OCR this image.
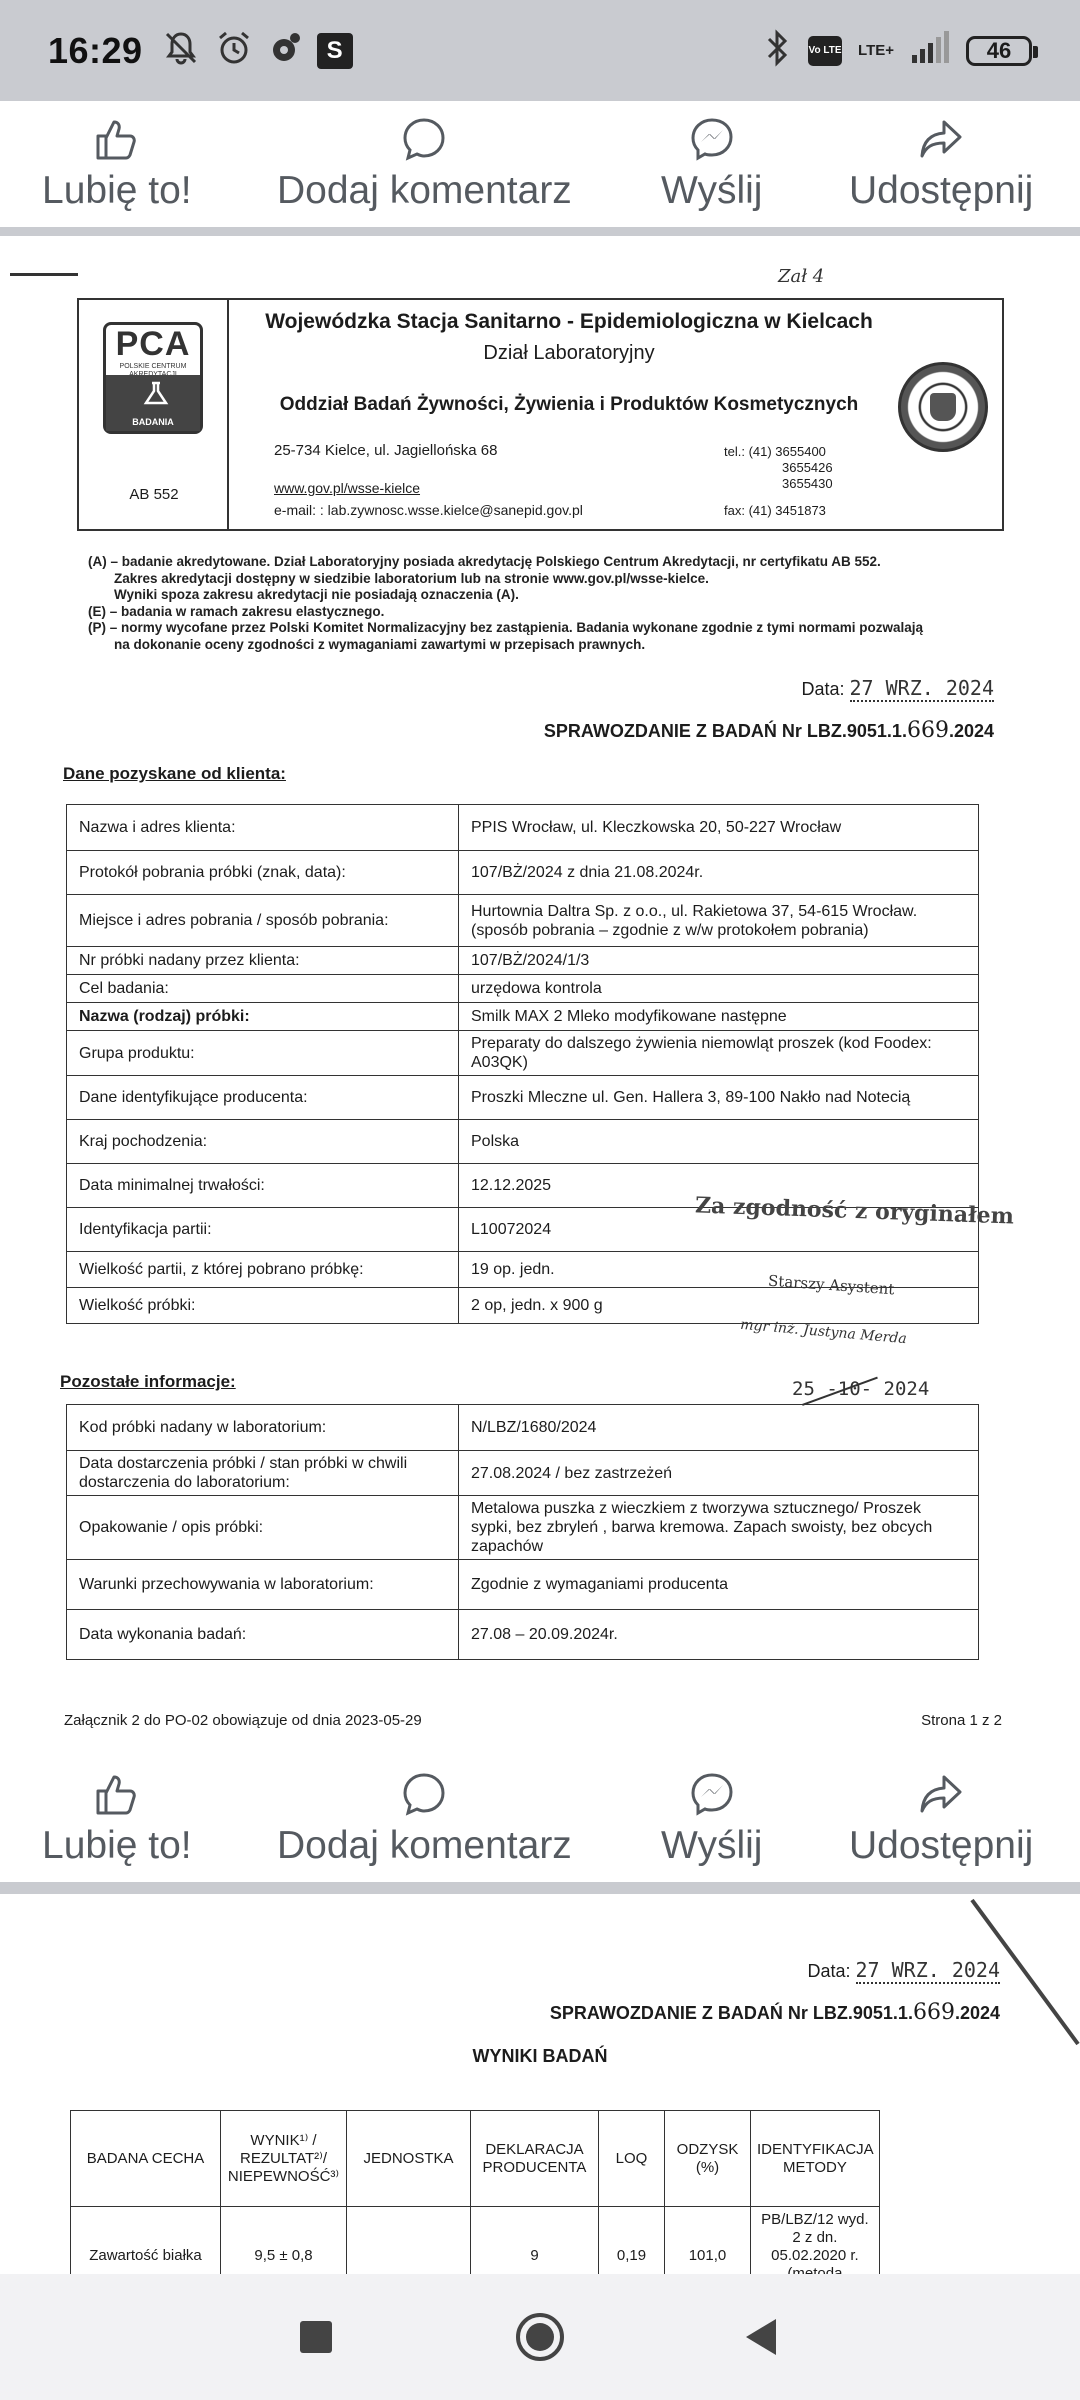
16:29	S	Vo LTE LTE+	46
Lubię to! Dodaj komentarz Wyślij Udostępnij
Zał 4
PCA
POLSKIE CENTRUM
BADANIA
AB 552
Wojewódzka Stacja Sanitarno - Epidemiologiczna w Kielcach
Dział Laboratoryjny
Oddział Badań Żywności, Żywienia i Produktów Kosmetycznych
25-734 Kielce, ul. Jagiellońska 68
www.gov.pl/wsse-kielce
e-mail: : lab.zywnosc.wsse.kielce@sanepid.gov.pl
tel.: (41) 3655400
3655426
3655430
fax: (41) 3451873
(A) – badanie akredytowane. Dział Laboratoryjny posiada akredytację Polskiego Centrum Akredytacji, nr certyfikatu AB 552.
Zakres akredytacji dostępny w siedzibie laboratorium lub na stronie www.gov.pl/wsse-kielce.
Wyniki spoza zakresu akredytacji nie posiadają oznaczenia (A).
(E) – badania w ramach zakresu elastycznego.
(P) – normy wycofane przez Polski Komitet Normalizacyjny bez zastąpienia. Badania wykonane zgodnie z tymi normami pozwalają
na dokonanie oceny zgodności z wymaganiami zawartymi w przepisach prawnych.
Data: 27 WRZ. 2024
SPRAWOZDANIE Z BADAŃ Nr LBZ.9051.1.669.2024
Dane pozyskane od klienta:
Nazwa i adres klienta:	PPIS Wrocław, ul. Kleczkowska 20, 50-227 Wrocław
Protokół pobrania próbki (znak, data):	107/BŻ/2024 z dnia 21.08.2024r.
Miejsce i adres pobrania / sposób pobrania:	Hurtownia Daltra Sp. z o.o., ul. Rakietowa 37, 54-615 Wrocław. (sposób pobrania – zgodnie z w/w protokołem pobrania)
Nr próbki nadany przez klienta:	107/BŻ/2024/1/3
Cel badania:	urzędowa kontrola
Nazwa (rodzaj) próbki:	Smilk MAX 2 Mleko modyfikowane następne
Grupa produktu:	Preparaty do dalszego żywienia niemowląt proszek (kod Foodex: A03QK)
Dane identyfikujące producenta:	Proszki Mleczne ul. Gen. Hallera 3, 89-100 Nakło nad Notecią
Kraj pochodzenia:	Polska
Data minimalnej trwałości:	12.12.2025
Identyfikacja partii:	L10072024
Wielkość partii, z której pobrano próbkę:	19 op. jedn.
Wielkość próbki:	2 op, jedn. x 900 g
Za zgodność z oryginałem
Starszy Asystent
mgr inż. Justyna Merda
25 -10- 2024
Pozostałe informacje:
Kod próbki nadany w laboratorium:	N/LBZ/1680/2024
Data dostarczenia próbki / stan próbki w chwili dostarczenia do laboratorium:	27.08.2024 / bez zastrzeżeń
Opakowanie / opis próbki:	Metalowa puszka z wieczkiem z tworzywa sztucznego/ Proszek sypki, bez zbryleń , barwa kremowa. Zapach swoisty, bez obcych zapachów
Warunki przechowywania w laboratorium:	Zgodnie z wymaganiami producenta
Data wykonania badań:	27.08 – 20.09.2024r.
Załącznik 2 do PO-02 obowiązuje od dnia 2023-05-29	Strona 1 z 2
Lubię to! Dodaj komentarz Wyślij Udostępnij
Data: 27 WRZ. 2024
SPRAWOZDANIE Z BADAŃ Nr LBZ.9051.1.669.2024
WYNIKI BADAŃ
BADANA CECHA	WYNIK¹⁾ / REZULTAT²⁾/ NIEPEWNOŚĆ³⁾	JEDNOSTKA	DEKLARACJA PRODUCENTA	LOQ	ODZYSK (%)	IDENTYFIKACJA METODY
Zawartość białka	9,5 ± 0,8		9	0,19	101,0	PB/LBZ/12 wyd. 2 z dn. 05.02.2020 r.
